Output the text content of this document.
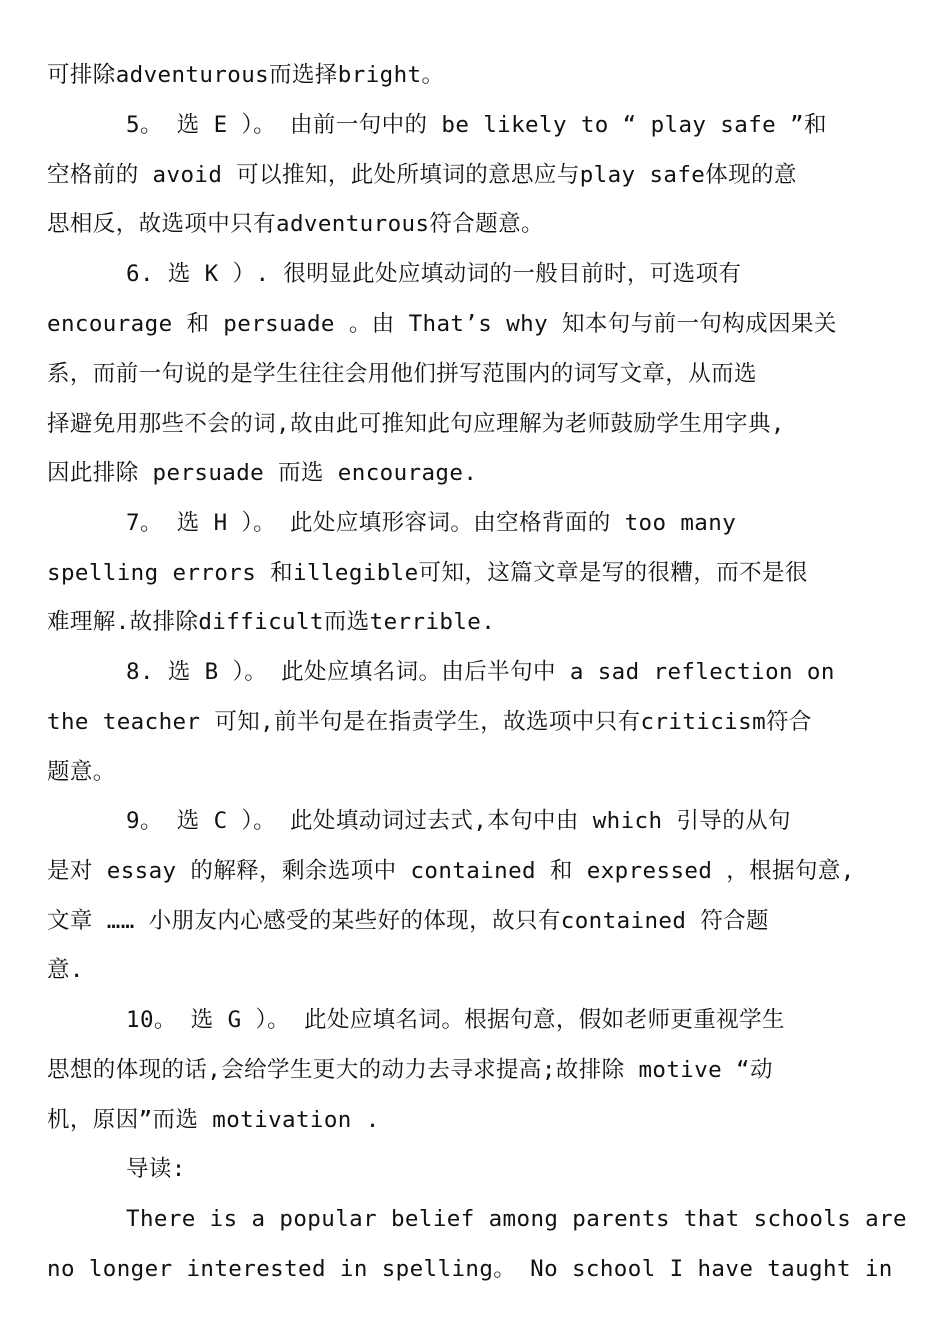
可排除adventurous而选择bright。
5。 选 E ）。 由前一句中的 be likely to “ play safe ”和
空格前的 avoid 可以推知，此处所填词的意思应与play safe体现的意
思相反，故选项中只有adventurous符合题意。
6. 选 K ）. 很明显此处应填动词的一般目前时，可选项有
encourage 和 persuade 。由 That’s why 知本句与前一句构成因果关
系，而前一句说的是学生往往会用他们拼写范围内的词写文章，从而选
择避免用那些不会的词,故由此可推知此句应理解为老师鼓励学生用字典,
因此排除 persuade 而选 encourage.
7。 选 H ）。 此处应填形容词。由空格背面的 too many
spelling errors 和illegible可知，这篇文章是写的很糟，而不是很
难理解.故排除difficult而选terrible.
8. 选 B ）。 此处应填名词。由后半句中 a sad reflection on
the teacher 可知,前半句是在指责学生，故选项中只有criticism符合
题意。
9。 选 C ）。 此处填动词过去式,本句中由 which 引导的从句
是对 essay 的解释，剩余选项中 contained 和 expressed ，根据句意,
文章 …… 小朋友内心感受的某些好的体现，故只有contained 符合题
意.
10。 选 G ）。 此处应填名词。根据句意，假如老师更重视学生
思想的体现的话,会给学生更大的动力去寻求提高;故排除 motive “动
机，原因”而选 motivation .
导读:
There is a popular belief among parents that schools are
no longer interested in spelling。 No school I have taught in
